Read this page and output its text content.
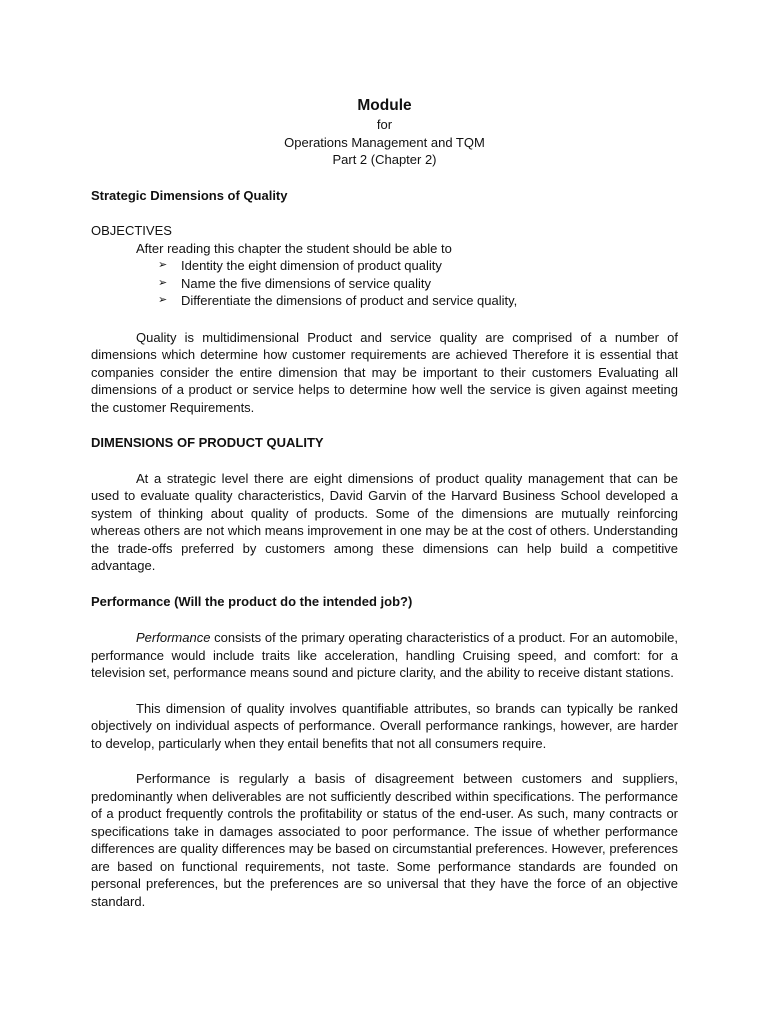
Module

for

Operations Management and TQM

Part 2 (Chapter 2)

Strategic Dimensions of Quality

OBJECTIVES

After reading this chapter the student should be able to

➢ Identity the eight dimension of product quality
➢ Name the five dimensions of service quality
➢ Differentiate the dimensions of product and service quality,

Quality is multidimensional Product and service quality are comprised of a number of dimensions which determine how customer requirements are achieved Therefore it is essential that companies consider the entire dimension that may be important to their customers Evaluating all dimensions of a product or service helps to determine how well the service is given against meeting the customer Requirements.

DIMENSIONS OF PRODUCT QUALITY

At a strategic level there are eight dimensions of product quality management that can be used to evaluate quality characteristics, David Garvin of the Harvard Business School developed a system of thinking about quality of products. Some of the dimensions are mutually reinforcing whereas others are not which means improvement in one may be at the cost of others. Understanding the trade-offs preferred by customers among these dimensions can help build a competitive advantage.

Performance (Will the product do the intended job?)

Performance consists of the primary operating characteristics of a product. For an automobile, performance would include traits like acceleration, handling Cruising speed, and comfort: for a television set, performance means sound and picture clarity, and the ability to receive distant stations.

This dimension of quality involves quantifiable attributes, so brands can typically be ranked objectively on individual aspects of performance. Overall performance rankings, however, are harder to develop, particularly when they entail benefits that not all consumers require.

Performance is regularly a basis of disagreement between customers and suppliers, predominantly when deliverables are not sufficiently described within specifications. The performance of a product frequently controls the profitability or status of the end-user. As such, many contracts or specifications take in damages associated to poor performance. The issue of whether performance differences are quality differences may be based on circumstantial preferences. However, preferences are based on functional requirements, not taste. Some performance standards are founded on personal preferences, but the preferences are so universal that they have the force of an objective standard.
